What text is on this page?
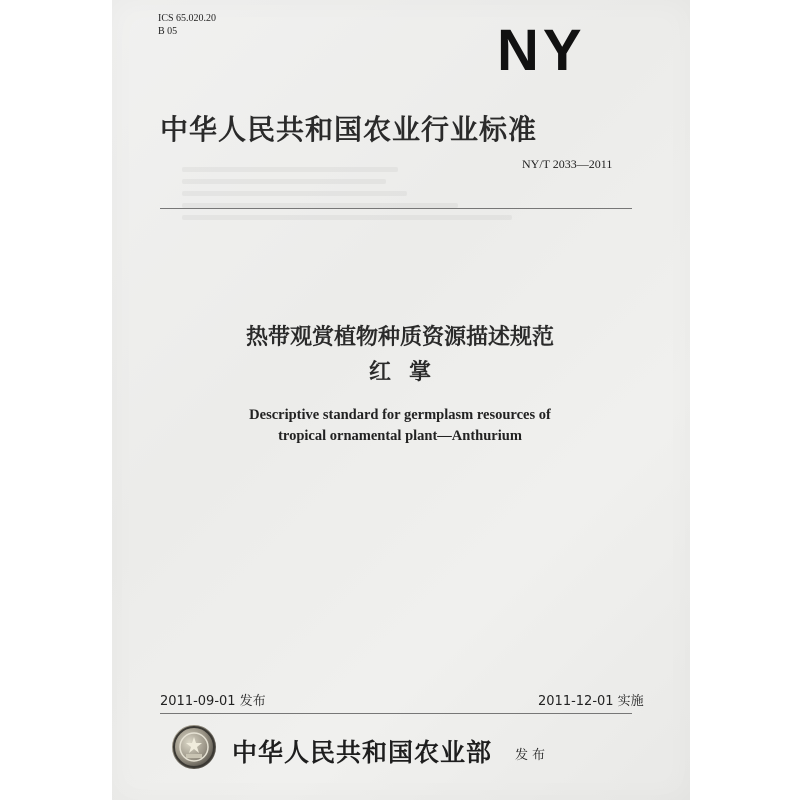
ICS 65.020.20
B 05	NY
中华人民共和国农业行业标准
NY/T 2033—2011
热带观赏植物种质资源描述规范
红掌
Descriptive standard for germplasm resources of
tropical ornamental plant—Anthurium
2011-09-01 发布	2011-12-01 实施
中华人民共和国农业部 发布
